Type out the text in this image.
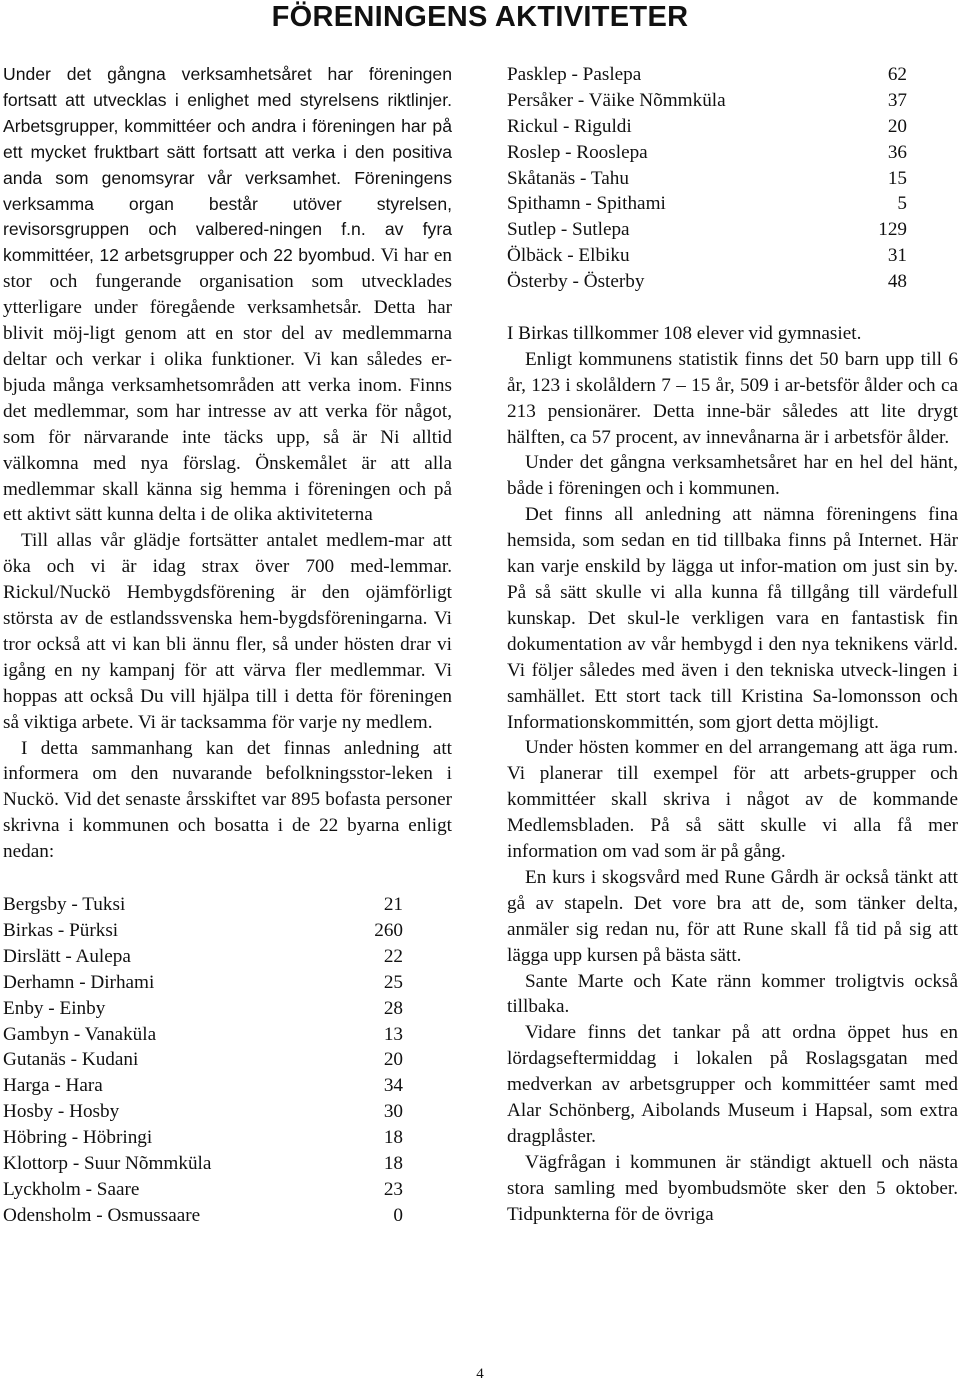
FÖRENINGENS AKTIVITETER

Under det gångna verksamhetsåret har föreningen fortsatt att utvecklas i enlighet med styrelsens riktlinjer. Arbetsgrupper, kommittéer och andra i föreningen har på ett mycket fruktbart sätt fortsatt att verka i den positiva anda som genomsyrar vår verksamhet. Föreningens verksamma organ består utöver styrelsen, revisorsgruppen och valbered-ningen f.n. av fyra kommittéer, 12 arbetsgrupper och 22 byombud. Vi har en stor och fungerande organisation som utvecklades ytterligare under föregående verksamhetsår. Detta har blivit möj-ligt genom att en stor del av medlemmarna deltar och verkar i olika funktioner. Vi kan således er-bjuda många verksamhetsområden att verka inom. Finns det medlemmar, som har intresse av att verka för något, som för närvarande inte täcks upp, så är Ni alltid välkomna med nya förslag. Önskemålet är att alla medlemmar skall känna sig hemma i föreningen och på ett aktivt sätt kunna delta i de olika aktiviteterna

Till allas vår glädje fortsätter antalet medlem-mar att öka och vi är idag strax över 700 med-lemmar. Rickul/Nuckö Hembygdsförening är den ojämförligt största av de estlandssvenska hem-bygdsföreningarna. Vi tror också att vi kan bli ännu fler, så under hösten drar vi igång en ny kampanj för att värva fler medlemmar. Vi hoppas att också Du vill hjälpa till i detta för föreningen så viktiga arbete. Vi är tacksamma för varje ny medlem.

I detta sammanhang kan det finnas anledning att informera om den nuvarande befolkningsstor-leken i Nuckö. Vid det senaste årsskiftet var 895 bofasta personer skrivna i kommunen och bosatta i de 22 byarna enligt nedan:

Bergsby - Tuksi	21
Birkas - Pürksi	260
Dirslätt - Aulepa	22
Derhamn - Dirhami	25
Enby - Einby	28
Gambyn - Vanaküla	13
Gutanäs - Kudani	20
Harga - Hara	34
Hosby - Hosby	30
Höbring - Höbringi	18
Klottorp - Suur Nõmmküla	18
Lyckholm - Saare	23
Odensholm - Osmussaare	0
Pasklep - Paslepa	62
Persåker - Väike Nõmmküla	37
Rickul - Riguldi	20
Roslep - Rooslepa	36
Skåtanäs - Tahu	15
Spithamn - Spithami	5
Sutlep - Sutlepa	129
Ölbäck - Elbiku	31
Österby - Österby	48

I Birkas tillkommer 108 elever vid gymnasiet.

Enligt kommunens statistik finns det 50 barn upp till 6 år, 123 i skolåldern 7 – 15 år, 509 i ar-betsför ålder och ca 213 pensionärer. Detta inne-bär således att lite drygt hälften, ca 57 procent, av innevånarna är i arbetsför ålder.

Under det gångna verksamhetsåret har en hel del hänt, både i föreningen och i kommunen.

Det finns all anledning att nämna föreningens fina hemsida, som sedan en tid tillbaka finns på Internet. Här kan varje enskild by lägga ut infor-mation om just sin by. På så sätt skulle vi alla kunna få tillgång till värdefull kunskap. Det skul-le verkligen vara en fantastisk fin dokumentation av vår hembygd i den nya teknikens värld. Vi följer således med även i den tekniska utveck-lingen i samhället. Ett stort tack till Kristina Sa-lomonsson och Informationskommittén, som gjort detta möjligt.

Under hösten kommer en del arrangemang att äga rum. Vi planerar till exempel för att arbets-grupper och kommittéer skall skriva i något av de kommande Medlemsbladen. På så sätt skulle vi alla få mer information om vad som är på gång.

En kurs i skogsvård med Rune Gårdh är också tänkt att gå av stapeln. Det vore bra att de, som tänker delta, anmäler sig redan nu, för att Rune skall få tid på sig att lägga upp kursen på bästa sätt.

Sante Marte och Kate ränn kommer troligtvis också tillbaka.

Vidare finns det tankar på att ordna öppet hus en lördagseftermiddag i lokalen på Roslagsgatan med medverkan av arbetsgrupper och kommittéer samt med Alar Schönberg, Aibolands Museum i Hapsal, som extra dragplåster.

Vägfrågan i kommunen är ständigt aktuell och nästa stora samling med byombudsmöte sker den 5 oktober. Tidpunkterna för de övriga

4
